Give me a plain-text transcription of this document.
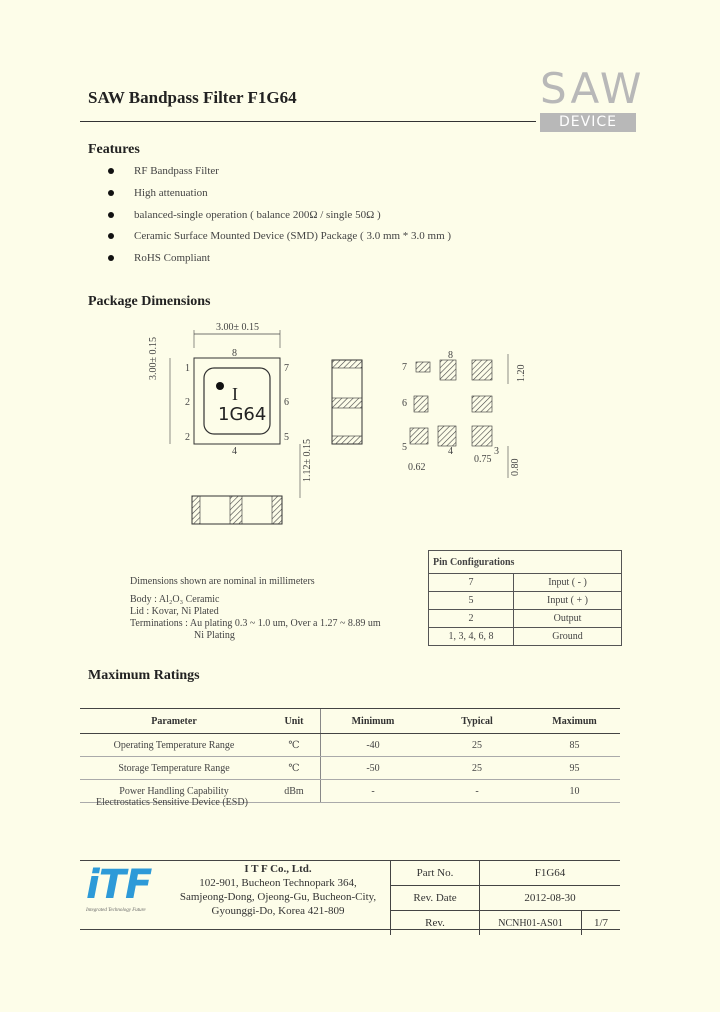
SAW Bandpass Filter F1G64	SAW
DEVICE
Features
RF Bandpass Filter
High attenuation
balanced-single operation ( balance 200Ω / single 50Ω )
Ceramic Surface Mounted Device (SMD) Package ( 3.0 mm * 3.0 mm )
RoHS Compliant
Package Dimensions
3.00± 0.15
3.00± 0.15
1.12± 0.15
I
1G64
1
2
2
7
6
5
8
4
1.20
0.62
0.75 0.80
7
8
6
5	4	3
Dimensions shown are nominal in millimeters
Body : Al₂O₃ Ceramic
Lid : Kovar, Ni Plated
Terminations : Au plating 0.3 ~ 1.0 um, Over a 1.27 ~ 8.89 um
Ni Plating
Pin Configurations	
7	Input ( - )
5	Input ( + )
2	Output
1, 3, 4, 6, 8	Ground
Maximum Ratings
Parameter	Unit	Minimum	Typical	Maximum
Operating Temperature Range	℃	-40	25	85
Storage Temperature Range	℃	-50	25	95
Power Handling Capability	dBm	-	-	10
Electrostatics Sensitive Device (ESD)
iTF
Integrated Technology Future
I T F Co., Ltd.
102-901, Bucheon Technopark 364,
Samjeong-Dong, Ojeong-Gu, Bucheon-City,
Gyounggi-Do, Korea 421-809
Part No.	F1G64	
Rev. Date	2012-08-30	
Rev.	NCNH01-AS01	1/7
